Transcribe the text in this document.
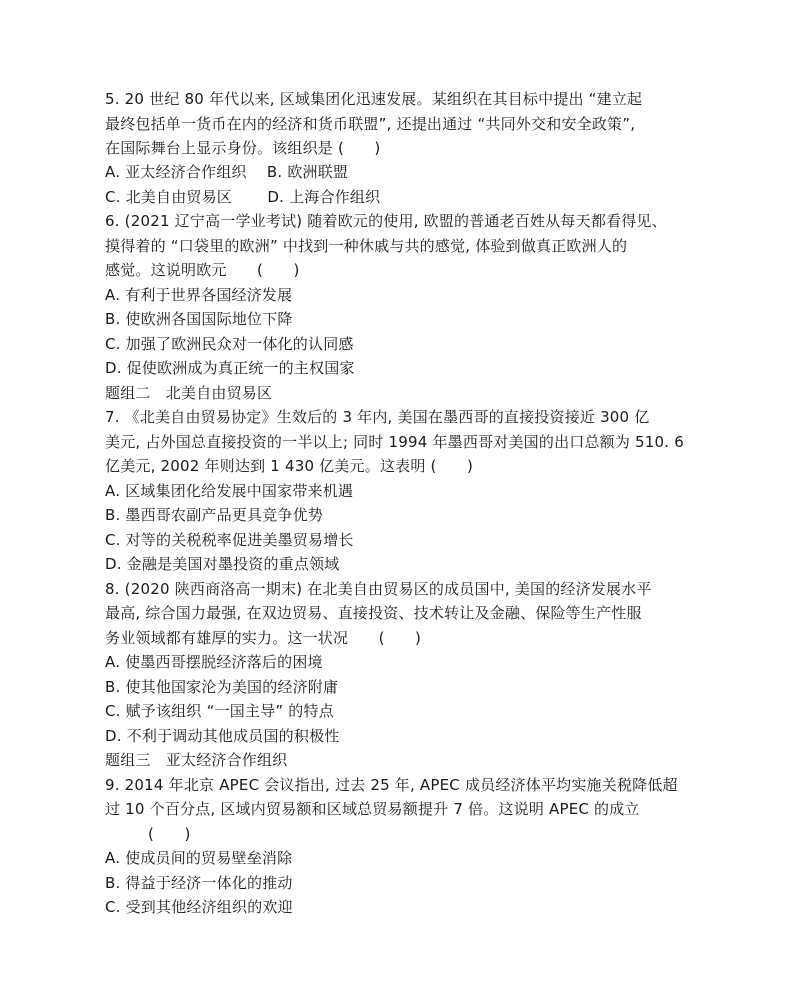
5. 20 世纪 80 年代以来, 区域集团化迅速发展。某组织在其目标中提出 “建立起
最终包括单一货币在内的经济和货币联盟”, 还提出通过 “共同外交和安全政策”,
在国际舞台上显示身份。该组织是 (　　)
A. 亚太经济合作组织　 B. 欧洲联盟
C. 北美自由贸易区　　 D. 上海合作组织
6. (2021 辽宁高一学业考试) 随着欧元的使用, 欧盟的普通老百姓从每天都看得见、
摸得着的 “口袋里的欧洲” 中找到一种休戚与共的感觉, 体验到做真正欧洲人的
感觉。这说明欧元　　(　　)
A. 有利于世界各国经济发展
B. 使欧洲各国国际地位下降
C. 加强了欧洲民众对一体化的认同感
D. 促使欧洲成为真正统一的主权国家
题组二　北美自由贸易区
7. 《北美自由贸易协定》生效后的 3 年内, 美国在墨西哥的直接投资接近 300 亿
美元, 占外国总直接投资的一半以上; 同时 1994 年墨西哥对美国的出口总额为 510. 6
亿美元, 2002 年则达到 1 430 亿美元。这表明 (　　)
A. 区域集团化给发展中国家带来机遇
B. 墨西哥农副产品更具竞争优势
C. 对等的关税税率促进美墨贸易增长
D. 金融是美国对墨投资的重点领域
8. (2020 陕西商洛高一期末) 在北美自由贸易区的成员国中, 美国的经济发展水平
最高, 综合国力最强, 在双边贸易、直接投资、技术转让及金融、保险等生产性服
务业领域都有雄厚的实力。这一状况　　(　　)
A. 使墨西哥摆脱经济落后的困境
B. 使其他国家沦为美国的经济附庸
C. 赋予该组织 “一国主导” 的特点
D. 不利于调动其他成员国的积极性
题组三　亚太经济合作组织
9. 2014 年北京 APEC 会议指出, 过去 25 年, APEC 成员经济体平均实施关税降低超
过 10 个百分点, 区域内贸易额和区域总贸易额提升 7 倍。这说明 APEC 的成立
(　　)
A. 使成员间的贸易壁垒消除
B. 得益于经济一体化的推动
C. 受到其他经济组织的欢迎
